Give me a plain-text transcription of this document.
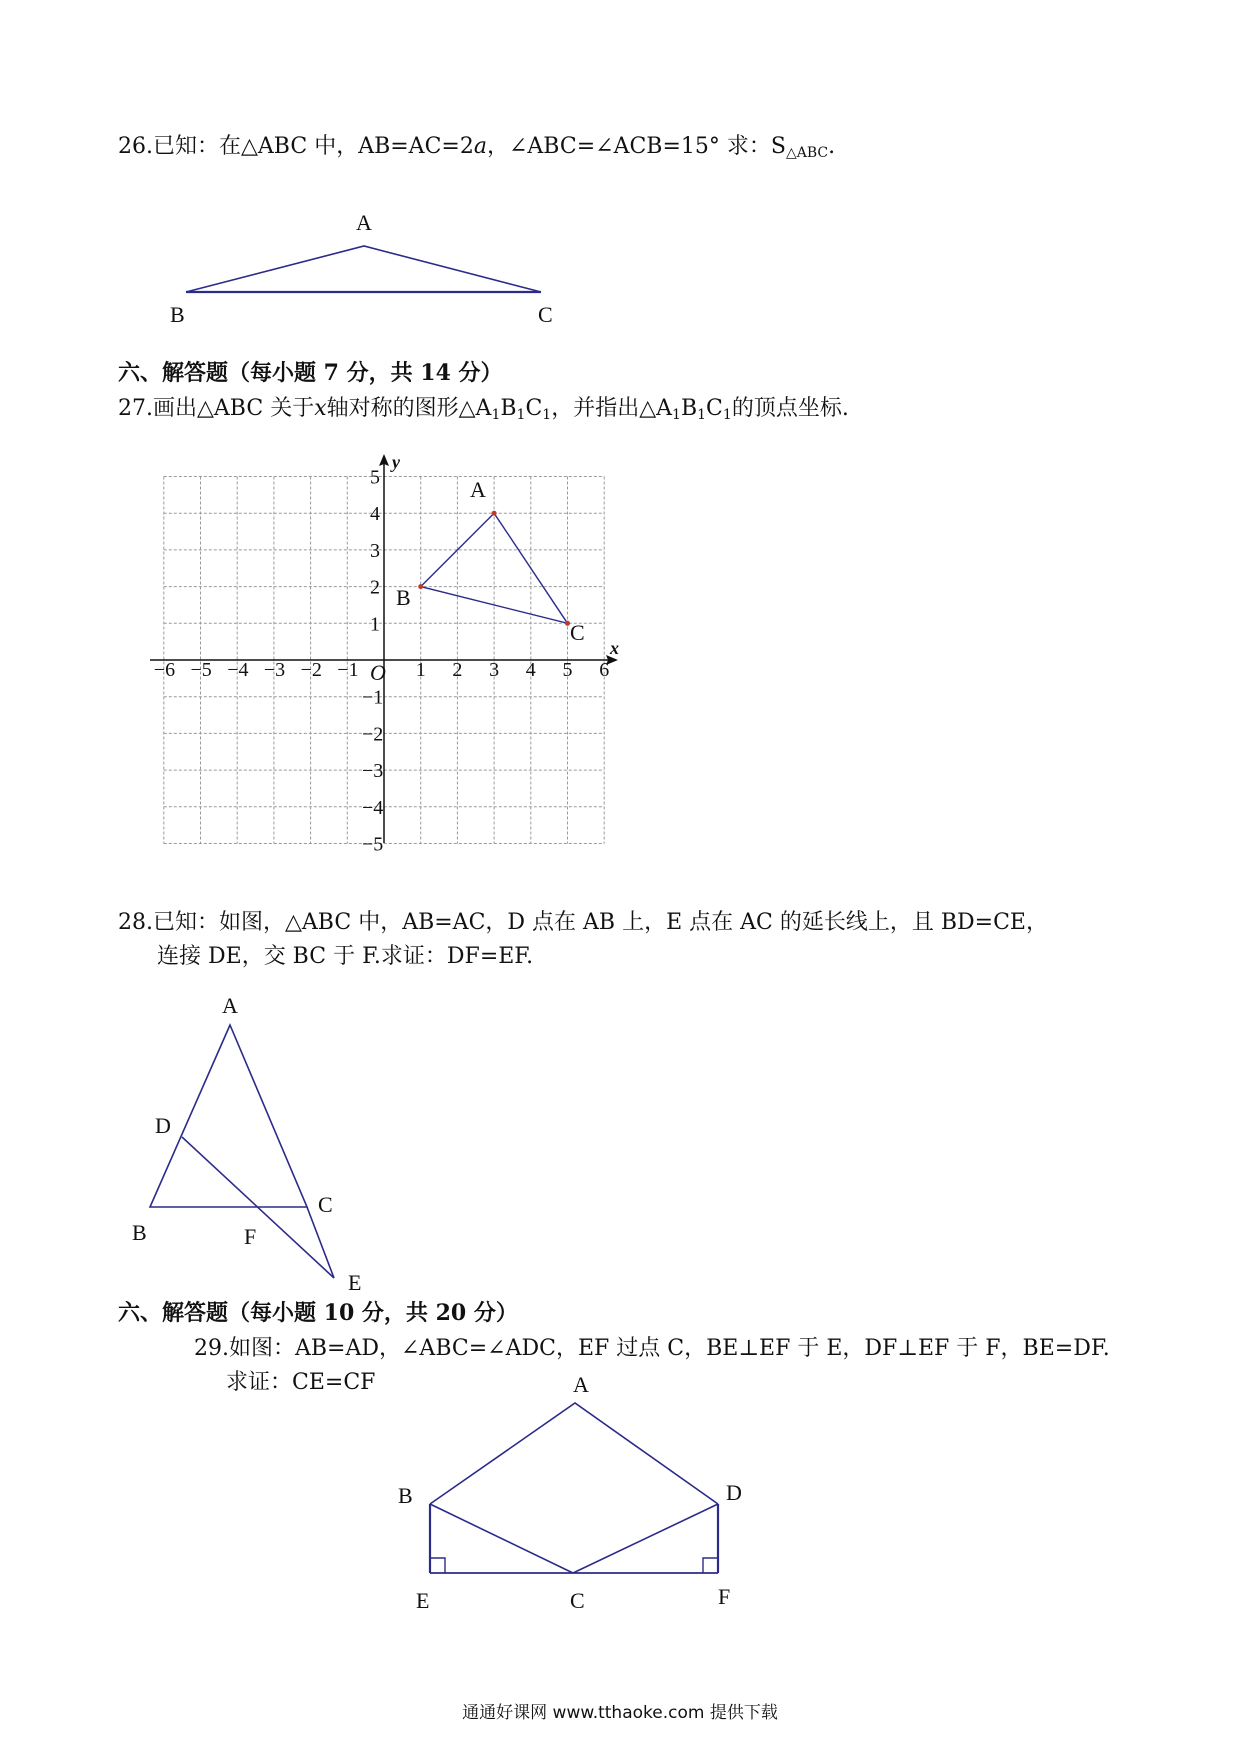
26.已知：在△ABC 中，AB=AC=2a，∠ABC=∠ACB=15° 求：$S_{\triangle ABC}$.
A
B	C
x
y
O
−6 −5 −4 −3 −2 −1	1 2 3 4 5 6
5
4
3
2
1
−1
−2
−3
−4
−5
A
B
C
A
D
B
C
F
E
A
B	D
E	C	F
六、解答题（每小题 7 分，共 14 分）
27.画出△ABC 关于x轴对称的图形$\triangle A_1B_1C_1$，并指出$\triangle A_1B_1C_1$的顶点坐标.
28.已知：如图，△ABC 中，AB=AC，D 点在 AB 上，E 点在 AC 的延长线上，且 BD=CE，
连接 DE，交 BC 于 F.求证：DF=EF.
六、解答题（每小题 10 分，共 20 分）
29.如图：AB=AD，∠ABC=∠ADC，EF 过点 C，BE⊥EF 于 E，DF⊥EF 于 F，BE=DF.
求证：CE=CF
通通好课网 www.tthaoke.com 提供下载
